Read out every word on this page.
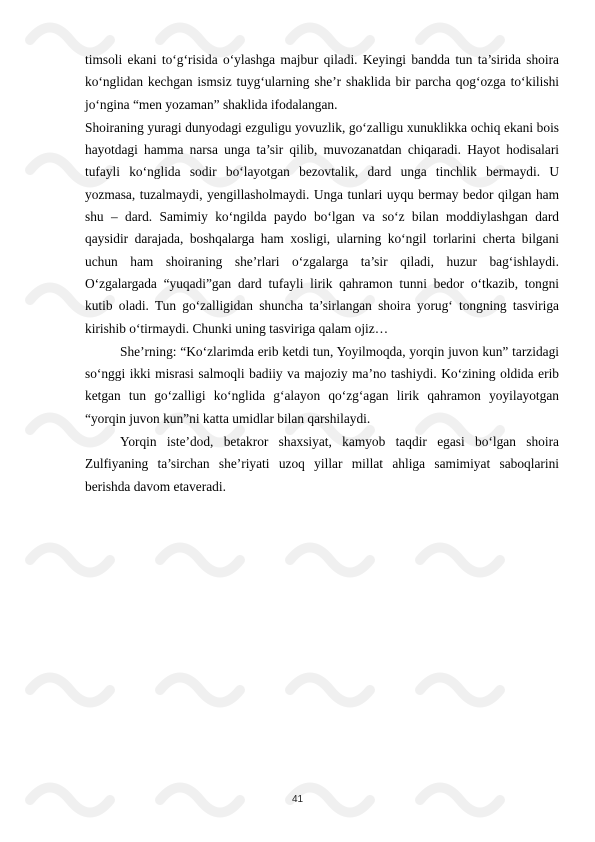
timsoli ekani to‘g‘risida o‘ylashga majbur qiladi. Keyingi bandda tun ta’sirida shoira ko‘nglidan kechgan ismsiz tuyg‘ularning she’r shaklida bir parcha qog‘ozga to‘kilishi jo‘ngina “men yozaman” shaklida ifodalangan.

Shoiraning yuragi dunyodagi ezguligu yovuzlik, go‘zalligu xunuklikka ochiq ekani bois hayotdagi hamma narsa unga ta’sir qilib, muvozanatdan chiqaradi. Hayot hodisalari tufayli ko‘nglida sodir bo‘layotgan bezovtalik, dard unga tinchlik bermaydi. U yozmasa, tuzalmaydi, yengillasholmaydi. Unga tunlari uyqu bermay bedor qilgan ham shu – dard. Samimiy ko‘ngilda paydo bo‘lgan va so‘z bilan moddiylashgan dard qaysidir darajada, boshqalarga ham xosligi, ularning ko‘ngil torlarini cherta bilgani uchun ham shoiraning she’rlari o‘zgalarga ta’sir qiladi, huzur bag‘ishlaydi. O‘zgalargada “yuqadi”gan dard tufayli lirik qahramon tunni bedor o‘tkazib, tongni kutib oladi. Tun go‘zalligidan shuncha ta’sirlangan shoira yorug‘ tongning tasviriga kirishib o‘tirmaydi. Chunki uning tasviriga qalam ojiz…

She’rning: “Ko‘zlarimda erib ketdi tun, Yoyilmoqda, yorqin juvon kun” tarzidagi so‘nggi ikki misrasi salmoqli badiiy va majoziy ma’no tashiydi. Ko‘zining oldida erib ketgan tun go‘zalligi ko‘nglida g‘alayon qo‘zg‘agan lirik qahramon yoyilayotgan “yorqin juvon kun”ni katta umidlar bilan qarshilaydi.

Yorqin iste’dod, betakror shaxsiyat, kamyob taqdir egasi bo‘lgan shoira Zulfiyaning ta’sirchan she’riyati uzoq yillar millat ahliga samimiyat saboqlarini berishda davom etaveradi.

41
